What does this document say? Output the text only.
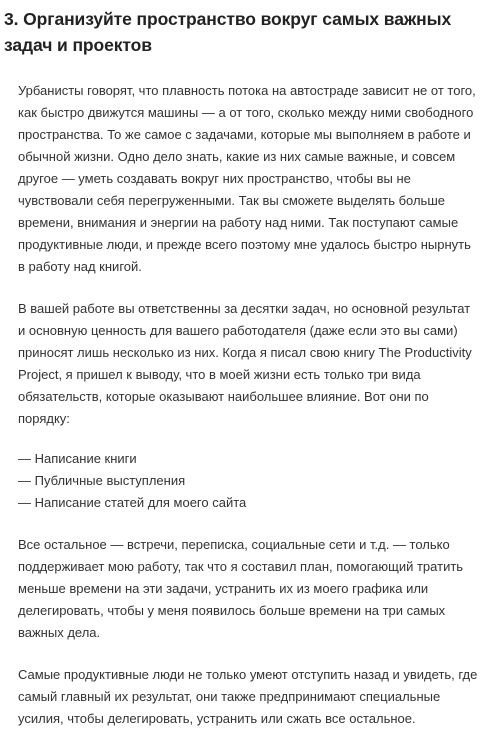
3. Организуйте пространство вокруг самых важных задач и проектов

Урбанисты говорят, что плавность потока на автостраде зависит не от того, как быстро движутся машины — а от того, сколько между ними свободного пространства. То же самое с задачами, которые мы выполняем в работе и обычной жизни. Одно дело знать, какие из них самые важные, и совсем другое — уметь создавать вокруг них пространство, чтобы вы не чувствовали себя перегруженными. Так вы сможете выделять больше времени, внимания и энергии на работу над ними. Так поступают самые продуктивные люди, и прежде всего поэтому мне удалось быстро нырнуть в работу над книгой.

В вашей работе вы ответственны за десятки задач, но основной результат и основную ценность для вашего работодателя (даже если это вы сами) приносят лишь несколько из них. Когда я писал свою книгу The Productivity Project, я пришел к выводу, что в моей жизни есть только три вида обязательств, которые оказывают наибольшее влияние. Вот они по порядку:

— Написание книги
— Публичные выступления
— Написание статей для моего сайта

Все остальное — встречи, переписка, социальные сети и т.д. — только поддерживает мою работу, так что я составил план, помогающий тратить меньше времени на эти задачи, устранить их из моего графика или делегировать, чтобы у меня появилось больше времени на три самых важных дела.

Самые продуктивные люди не только умеют отступить назад и увидеть, где самый главный их результат, они также предпринимают специальные усилия, чтобы делегировать, устранить или сжать все остальное.
